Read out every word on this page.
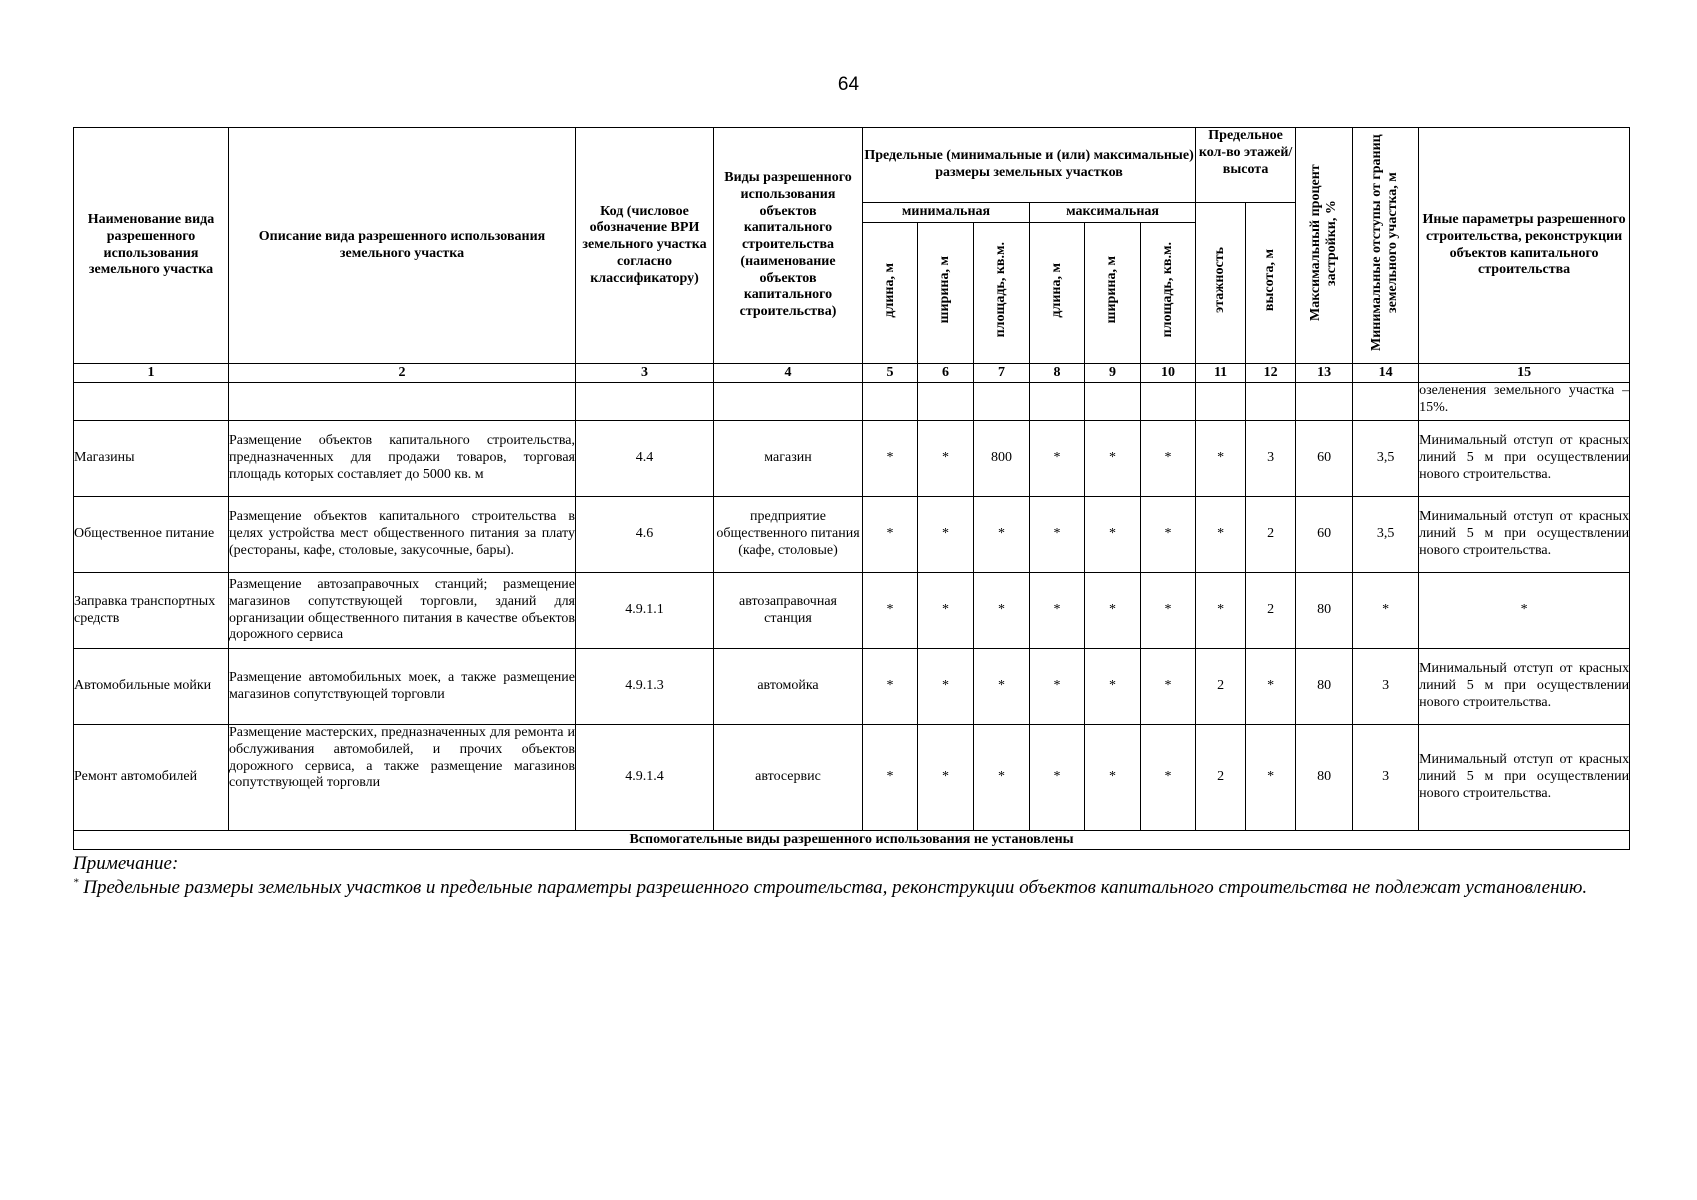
64
Наименование вида разрешенного использования земельного участка	Описание вида разрешенного использования земельного участка	Код (числовое обозначение ВРИ земельного участка согласно классификатору)	Виды разрешенного использования объектов капитального строительства (наименование объектов капитального строительства)	Предельные (минимальные и (или) максимальные) размеры земельных участков						Предельное кол-во этажей/ высота		Максимальный процент застройки, %	Минимальные отступы от границ земельного участка, м	Иные параметры разрешенного строительства, реконструкции объектов капитального строительства
				минимальная			максимальная			этажность	высота, м			
				длина, м	ширина, м	площадь, кв.м.	длина, м	ширина, м	площадь, кв.м.					
1	2	3	4	5	6	7	8	9	10	11	12	13	14	15
														озеленения земельного участка – 15%.
Магазины	Размещение объектов капитального строительства, предназначенных для продажи товаров, торговая площадь которых составляет до 5000 кв. м	4.4	магазин	*	*	800	*	*	*	*	3	60	3,5	Минимальный отступ от красных линий 5 м при осуществлении нового строительства.
Общественное питание	Размещение объектов капитального строительства в целях устройства мест общественного питания за плату (рестораны, кафе, столовые, закусочные, бары).	4.6	предприятие общественного питания (кафе, столовые)	*	*	*	*	*	*	*	2	60	3,5	Минимальный отступ от красных линий 5 м при осуществлении нового строительства.
Заправка транспортных средств	Размещение автозаправочных станций; размещение магазинов сопутствующей торговли, зданий для организации общественного питания в качестве объектов дорожного сервиса	4.9.1.1	автозаправочная станция	*	*	*	*	*	*	*	2	80	*	*
Автомобильные мойки	Размещение автомобильных моек, а также размещение магазинов сопутствующей торговли	4.9.1.3	автомойка	*	*	*	*	*	*	2	*	80	3	Минимальный отступ от красных линий 5 м при осуществлении нового строительства.
Ремонт автомобилей	Размещение мастерских, предназначенных для ремонта и обслуживания автомобилей, и прочих объектов дорожного сервиса, а также размещение магазинов сопутствующей торговли	4.9.1.4	автосервис	*	*	*	*	*	*	2	*	80	3	Минимальный отступ от красных линий 5 м при осуществлении нового строительства.
Вспомогательные виды разрешенного использования не установлены														
Примечание:
* Предельные размеры земельных участков и предельные параметры разрешенного строительства, реконструкции объектов капитального строительства не подлежат установлению.
